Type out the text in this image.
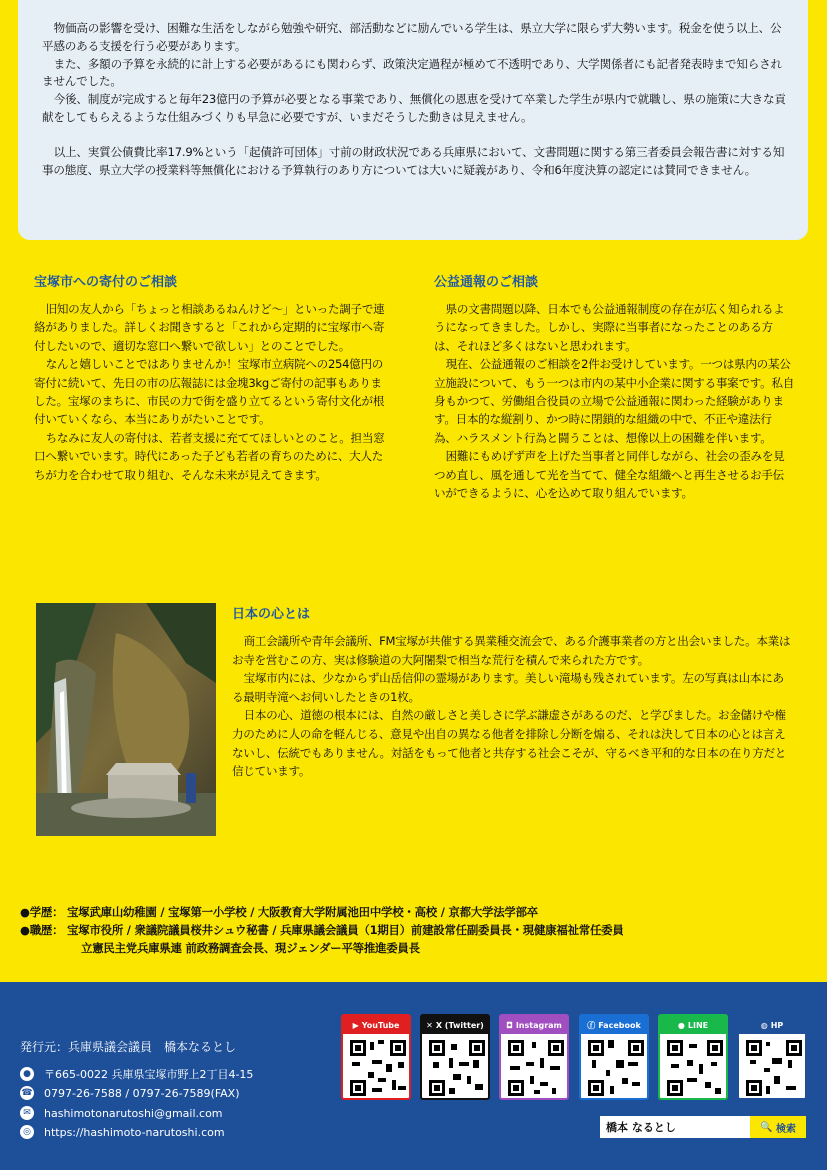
物価高の影響を受け、困難な生活をしながら勉強や研究、部活動などに励んでいる学生は、県立大学に限らず大勢います。税金を使う以上、公平感のある支援を行う必要があります。

また、多額の予算を永続的に計上する必要があるにも関わらず、政策決定過程が極めて不透明であり、大学関係者にも記者発表時まで知らされませんでした。

今後、制度が完成すると毎年23億円の予算が必要となる事業であり、無償化の恩恵を受けて卒業した学生が県内で就職し、県の施策に大きな貢献をしてもらえるような仕組みづくりも早急に必要ですが、いまだそうした動きは見えません。

以上、実質公債費比率17.9%という「起債許可団体」寸前の財政状況である兵庫県において、文書問題に関する第三者委員会報告書に対する知事の態度、県立大学の授業料等無償化における予算執行のあり方については大いに疑義があり、令和6年度決算の認定には賛同できません。

宝塚市への寄付のご相談

旧知の友人から「ちょっと相談あるねんけど〜」といった調子で連絡がありました。詳しくお聞きすると「これから定期的に宝塚市へ寄付したいので、適切な窓口へ繋いで欲しい」とのことでした。

なんと嬉しいことではありませんか！宝塚市立病院への254億円の寄付に続いて、先日の市の広報誌には金塊3kgご寄付の記事もありました。宝塚のまちに、市民の力で街を盛り立てるという寄付文化が根付いていくなら、本当にありがたいことです。

ちなみに友人の寄付は、若者支援に充ててほしいとのこと。担当窓口へ繋いでいます。時代にあった子ども若者の育ちのために、大人たちが力を合わせて取り組む、そんな未来が見えてきます。

公益通報のご相談

県の文書問題以降、日本でも公益通報制度の存在が広く知られるようになってきました。しかし、実際に当事者になったことのある方は、それほど多くはないと思われます。

現在、公益通報のご相談を2件お受けしています。一つは県内の某公立施設について、もう一つは市内の某中小企業に関する事案です。私自身もかつて、労働組合役員の立場で公益通報に関わった経験があります。日本的な縦割り、かつ時に閉鎖的な組織の中で、不正や違法行為、ハラスメント行為と闘うことは、想像以上の困難を伴います。

困難にもめげず声を上げた当事者と同伴しながら、社会の歪みを見つめ直し、風を通して光を当てて、健全な組織へと再生させるお手伝いができるように、心を込めて取り組んでいます。

日本の心とは

商工会議所や青年会議所、FM宝塚が共催する異業種交流会で、ある介護事業者の方と出会いました。本業はお寺を営むこの方、実は修験道の大阿闍梨で相当な荒行を積んで来られた方です。

宝塚市内には、少なからず山岳信仰の霊場があります。美しい滝場も残されています。左の写真は山本にある最明寺滝へお伺いしたときの1枚。

日本の心、道徳の根本には、自然の厳しさと美しさに学ぶ謙虚さがあるのだ、と学びました。お金儲けや権力のために人の命を軽んじる、意見や出自の異なる他者を排除し分断を煽る、それは決して日本の心とは言えないし、伝統でもありません。対話をもって他者と共存する社会こそが、守るべき平和的な日本の在り方だと信じています。

●学歴： 宝塚武庫山幼稚園 / 宝塚第一小学校 / 大阪教育大学附属池田中学校・高校 / 京都大学法学部卒
●職歴： 宝塚市役所 / 衆議院議員桜井シュウ秘書 / 兵庫県議会議員（1期目）前建設常任副委員長・現健康福祉常任委員
立憲民主党兵庫県連 前政務調査会長、現ジェンダー平等推進委員長
発行元：兵庫県議会議員　橋本なるとし
● 〒665-0022 兵庫県宝塚市野上2丁目4-15
☎ 0797-26-7588 / 0797-26-7589(FAX)
✉ hashimotonarutoshi@gmail.com
◎ https://hashimoto-narutoshi.com
▶ YouTube	✕ X (Twitter)	◘ Instagram	ⓕ Facebook	● LINE	◍ HP
橋本 なるとし	🔍
検索
